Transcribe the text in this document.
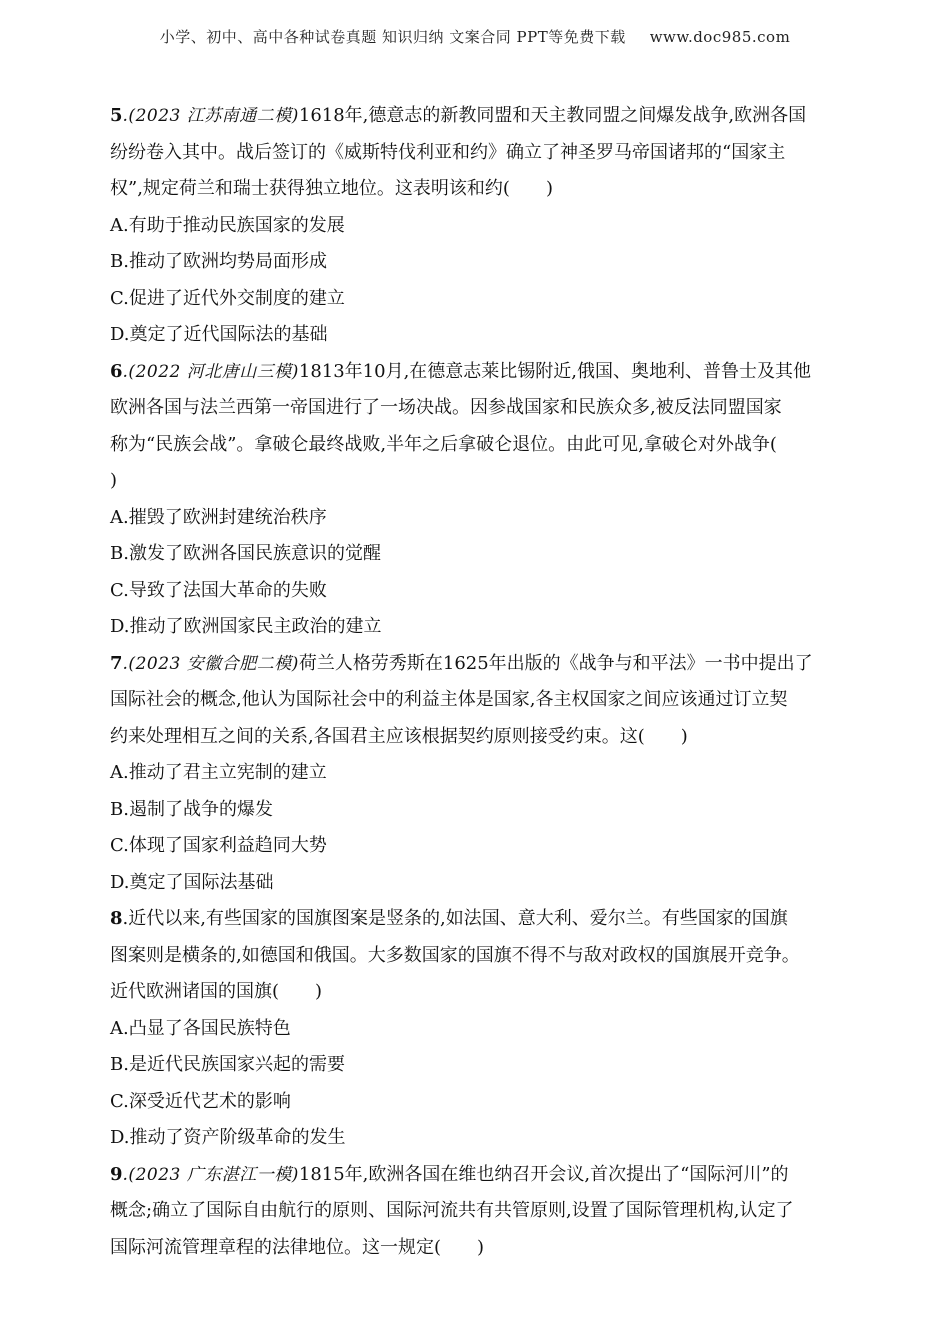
小学、初中、高中各种试卷真题 知识归纳 文案合同 PPT等免费下载 www.doc985.com
5.(2023 江苏南通二模)1618年,德意志的新教同盟和天主教同盟之间爆发战争,欧洲各国
纷纷卷入其中。战后签订的《威斯特伐利亚和约》确立了神圣罗马帝国诸邦的“国家主
权”,规定荷兰和瑞士获得独立地位。这表明该和约(　　)
A.有助于推动民族国家的发展
B.推动了欧洲均势局面形成
C.促进了近代外交制度的建立
D.奠定了近代国际法的基础
6.(2022 河北唐山三模)1813年10月,在德意志莱比锡附近,俄国、奥地利、普鲁士及其他
欧洲各国与法兰西第一帝国进行了一场决战。因参战国家和民族众多,被反法同盟国家
称为“民族会战”。拿破仑最终战败,半年之后拿破仑退位。由此可见,拿破仑对外战争(
)
A.摧毁了欧洲封建统治秩序
B.激发了欧洲各国民族意识的觉醒
C.导致了法国大革命的失败
D.推动了欧洲国家民主政治的建立
7.(2023 安徽合肥二模)荷兰人格劳秀斯在1625年出版的《战争与和平法》一书中提出了
国际社会的概念,他认为国际社会中的利益主体是国家,各主权国家之间应该通过订立契
约来处理相互之间的关系,各国君主应该根据契约原则接受约束。这(　　)
A.推动了君主立宪制的建立
B.遏制了战争的爆发
C.体现了国家利益趋同大势
D.奠定了国际法基础
8.近代以来,有些国家的国旗图案是竖条的,如法国、意大利、爱尔兰。有些国家的国旗
图案则是横条的,如德国和俄国。大多数国家的国旗不得不与敌对政权的国旗展开竞争。
近代欧洲诸国的国旗(　　)
A.凸显了各国民族特色
B.是近代民族国家兴起的需要
C.深受近代艺术的影响
D.推动了资产阶级革命的发生
9.(2023 广东湛江一模)1815年,欧洲各国在维也纳召开会议,首次提出了“国际河川”的
概念;确立了国际自由航行的原则、国际河流共有共管原则,设置了国际管理机构,认定了
国际河流管理章程的法律地位。这一规定(　　)
